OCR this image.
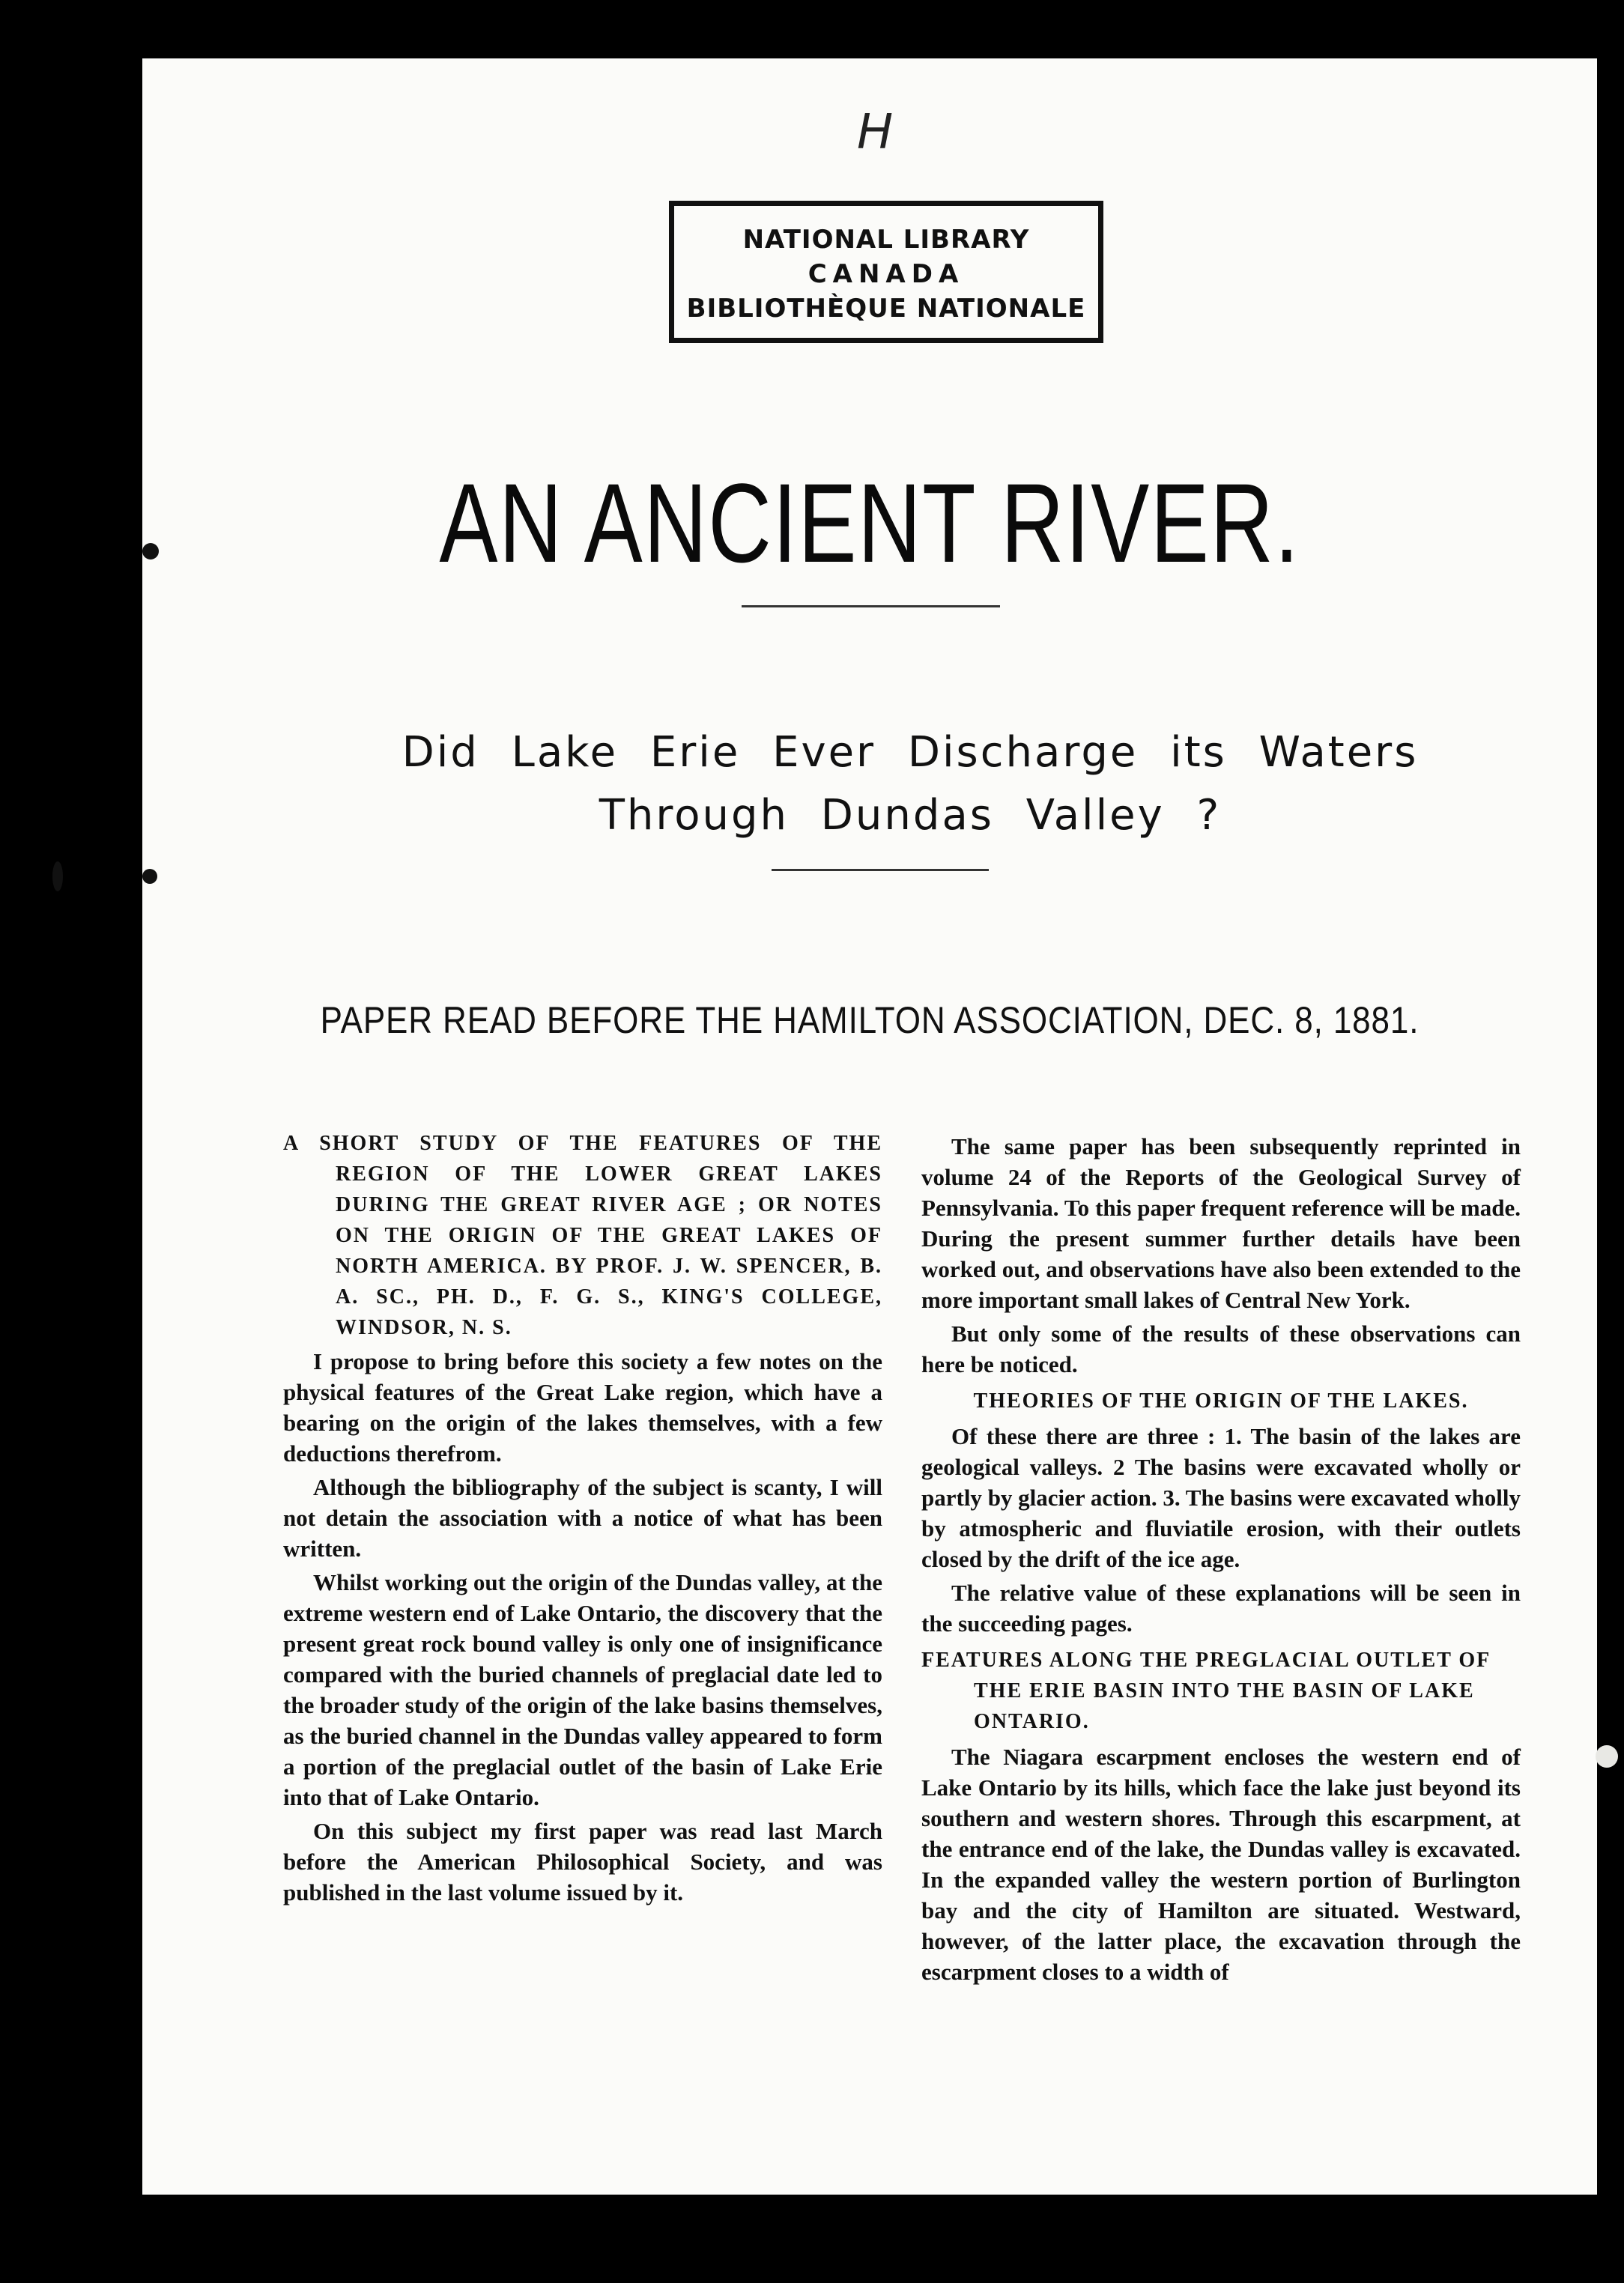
H
NATIONAL LIBRARY
CANADA
BIBLIOTHÈQUE NATIONALE
AN ANCIENT RIVER.
Did Lake Erie Ever Discharge its Waters
Through Dundas Valley ?
PAPER READ BEFORE THE HAMILTON ASSOCIATION, DEC. 8, 1881.

A SHORT STUDY OF THE FEATURES OF THE REGION OF THE LOWER GREAT LAKES DURING THE GREAT RIVER AGE ; OR NOTES ON THE ORIGIN OF THE GREAT LAKES OF NORTH AMERICA. BY PROF. J. W. SPENCER, B. A. SC., PH. D., F. G. S., KING'S COLLEGE, WINDSOR, N. S.

I propose to bring before this society a few notes on the physical features of the Great Lake region, which have a bearing on the origin of the lakes themselves, with a few deductions therefrom.

Although the bibliography of the subject is scanty, I will not detain the association with a notice of what has been written.

Whilst working out the origin of the Dundas valley, at the extreme western end of Lake Ontario, the discovery that the present great rock bound valley is only one of insignificance compared with the buried channels of preglacial date led to the broader study of the origin of the lake basins themselves, as the buried channel in the Dundas valley appeared to form a portion of the preglacial outlet of the basin of Lake Erie into that of Lake Ontario.

On this subject my first paper was read last March before the American Philosophical Society, and was published in the last volume issued by it.

The same paper has been subsequently reprinted in volume 24 of the Reports of the Geological Survey of Pennsylvania. To this paper frequent reference will be made. During the present summer further details have been worked out, and observations have also been extended to the more important small lakes of Central New York.

But only some of the results of these observations can here be noticed.

THEORIES OF THE ORIGIN OF THE LAKES.

Of these there are three : 1. The basin of the lakes are geological valleys. 2 The basins were excavated wholly or partly by glacier action. 3. The basins were excavated wholly by atmospheric and fluviatile erosion, with their outlets closed by the drift of the ice age.

The relative value of these explanations will be seen in the succeeding pages.

FEATURES ALONG THE PREGLACIAL OUTLET OF THE ERIE BASIN INTO THE BASIN OF LAKE ONTARIO.

The Niagara escarpment encloses the western end of Lake Ontario by its hills, which face the lake just beyond its southern and western shores. Through this escarpment, at the entrance end of the lake, the Dundas valley is excavated. In the expanded valley the western portion of Burlington bay and the city of Hamilton are situated. Westward, however, of the latter place, the excavation through the escarpment closes to a width of
